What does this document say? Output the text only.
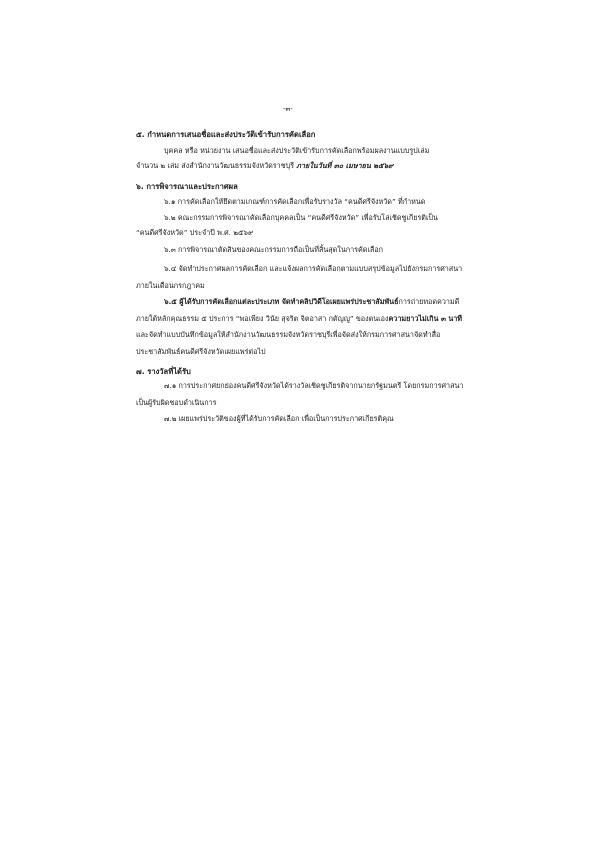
-๓-
๕. กำหนดการเสนอชื่อและส่งประวัติเข้ารับการคัดเลือก
บุคคล หรือ หน่วยงาน เสนอชื่อและส่งประวัติเข้ารับการคัดเลือกพร้อมผลงานแบบรูปเล่ม
จำนวน ๒ เล่ม ส่งสำนักงานวัฒนธรรมจังหวัดราชบุรี ภายในวันที่ ๓๐ เมษายน ๒๕๖๙
๖. การพิจารณาและประกาศผล
๖.๑ การคัดเลือกให้ยึดตามเกณฑ์การคัดเลือกเพื่อรับรางวัล “คนดีศรีจังหวัด” ที่กำหนด
๖.๒ คณะกรรมการพิจารณาคัดเลือกบุคคลเป็น “คนดีศรีจังหวัด” เพื่อรับโล่เชิดชูเกียรติเป็น
“คนดีศรีจังหวัด” ประจำปี พ.ศ. ๒๕๖๙
๖.๓ การพิจารณาตัดสินของคณะกรรมการถือเป็นที่สิ้นสุดในการคัดเลือก
๖.๔ จัดทำประกาศผลการคัดเลือก และแจ้งผลการคัดเลือกตามแบบสรุปข้อมูลไปยังกรมการศาสนา
ภายในเดือนกรกฎาคม
๖.๕ ผู้ได้รับการคัดเลือกแต่ละประเภท จัดทำคลิปวิดีโอเผยแพร่ประชาสัมพันธ์การถ่ายทอดความดี
ภายใต้หลักคุณธรรม ๕ ประการ “พอเพียง วินัย สุจริต จิตอาสา กตัญญู” ของตนเองความยาวไม่เกิน ๓ นาที
และจัดทำแบบบันทึกข้อมูลให้สำนักงานวัฒนธรรมจังหวัดราชบุรีเพื่อจัดส่งให้กรมการศาสนาจัดทำสื่อ
ประชาสัมพันธ์คนดีศรีจังหวัดเผยแพร่ต่อไป
๗. รางวัลที่ได้รับ
๗.๑ การประกาศยกย่องคนดีศรีจังหวัดได้รางวัลเชิดชูเกียรติจากนายกรัฐมนตรี โดยกรมการศาสนา
เป็นผู้รับผิดชอบดำเนินการ
๗.๒ เผยแพร่ประวัติของผู้ที่ได้รับการคัดเลือก เพื่อเป็นการประกาศเกียรติคุณ
